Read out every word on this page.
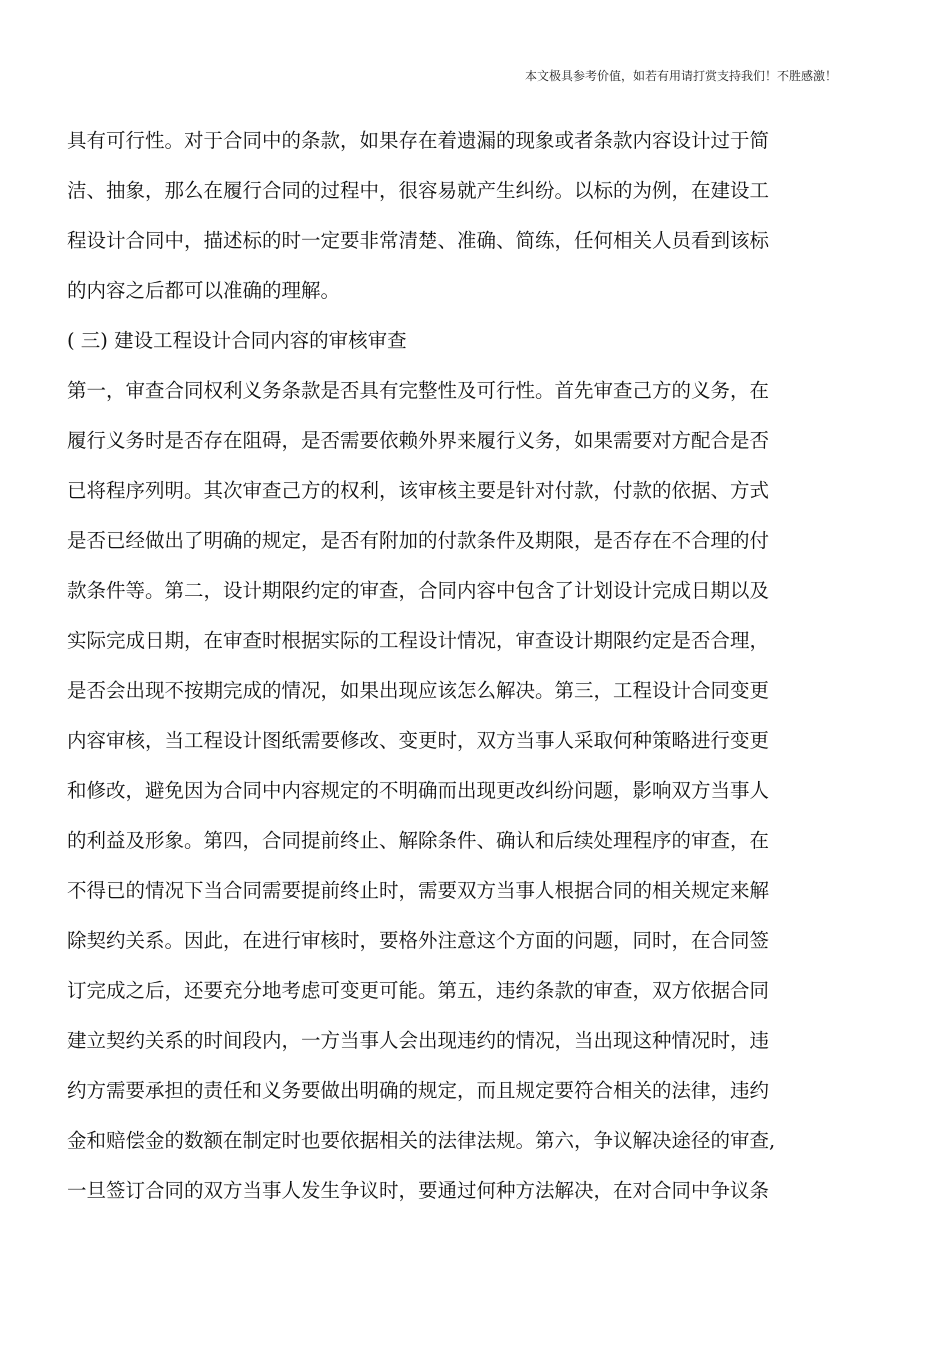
本文极具参考价值，如若有用请打赏支持我们！不胜感激！
具有可行性。对于合同中的条款，如果存在着遗漏的现象或者条款内容设计过于简
洁、抽象，那么在履行合同的过程中，很容易就产生纠纷。以标的为例，在建设工
程设计合同中，描述标的时一定要非常清楚、准确、简练，任何相关人员看到该标
的内容之后都可以准确的理解。
( 三) 建设工程设计合同内容的审核审查
第一，审查合同权利义务条款是否具有完整性及可行性。首先审查己方的义务，在
履行义务时是否存在阻碍，是否需要依赖外界来履行义务，如果需要对方配合是否
已将程序列明。其次审查己方的权利，该审核主要是针对付款，付款的依据、方式
是否已经做出了明确的规定，是否有附加的付款条件及期限，是否存在不合理的付
款条件等。第二，设计期限约定的审查，合同内容中包含了计划设计完成日期以及
实际完成日期，在审查时根据实际的工程设计情况，审查设计期限约定是否合理，
是否会出现不按期完成的情况，如果出现应该怎么解决。第三，工程设计合同变更
内容审核，当工程设计图纸需要修改、变更时，双方当事人采取何种策略进行变更
和修改，避免因为合同中内容规定的不明确而出现更改纠纷问题，影响双方当事人
的利益及形象。第四，合同提前终止、解除条件、确认和后续处理程序的审查，在
不得已的情况下当合同需要提前终止时，需要双方当事人根据合同的相关规定来解
除契约关系。因此，在进行审核时，要格外注意这个方面的问题，同时，在合同签
订完成之后，还要充分地考虑可变更可能。第五，违约条款的审查，双方依据合同
建立契约关系的时间段内，一方当事人会出现违约的情况，当出现这种情况时，违
约方需要承担的责任和义务要做出明确的规定，而且规定要符合相关的法律，违约
金和赔偿金的数额在制定时也要依据相关的法律法规。第六，争议解决途径的审查,
一旦签订合同的双方当事人发生争议时，要通过何种方法解决，在对合同中争议条
